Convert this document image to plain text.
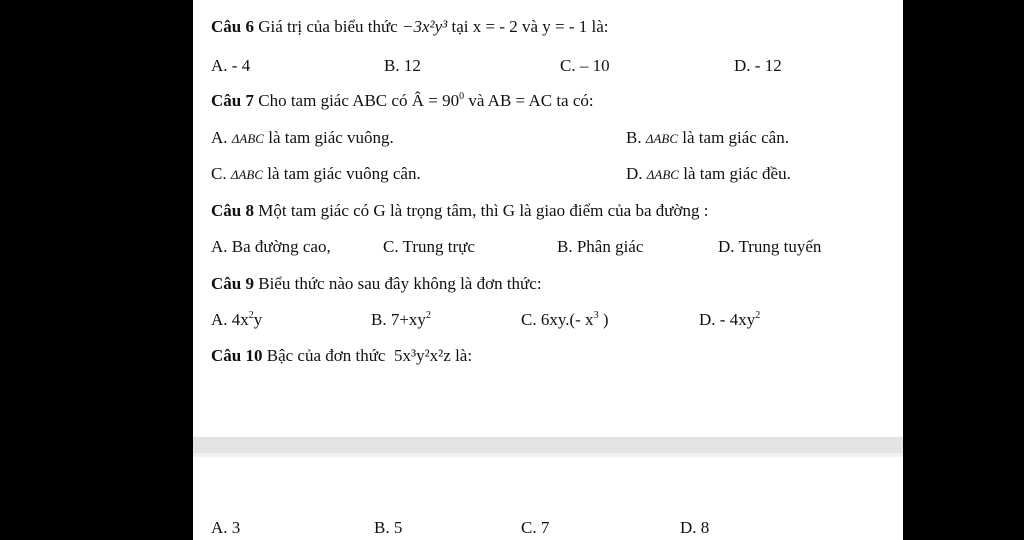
Câu 6 Giá trị của biểu thức −3x²y³ tại x = - 2 và y = - 1 là:
A. - 4	B. 12	C. – 10	D. - 12
Câu 7 Cho tam giác ABC có Â = $90^0$ và AB = AC ta có:
A. ΔABC là tam giác vuông.	B. ΔABC là tam giác cân.
C. ΔABC là tam giác vuông cân.	D. ΔABC là tam giác đều.
Câu 8 Một tam giác có G là trọng tâm, thì G là giao điểm của ba đường :
A. Ba đường cao,	C. Trung trực	B. Phân giác	D. Trung tuyến
Câu 9 Biểu thức nào sau đây không là đơn thức:
A. $4x^2y$	B. $7+xy^2$	C. 6xy.(- $x^3$ )	D. - $4xy^2$
Câu 10 Bậc của đơn thức 5x³y²x²z là:
A. 3	B. 5	C. 7	D. 8
